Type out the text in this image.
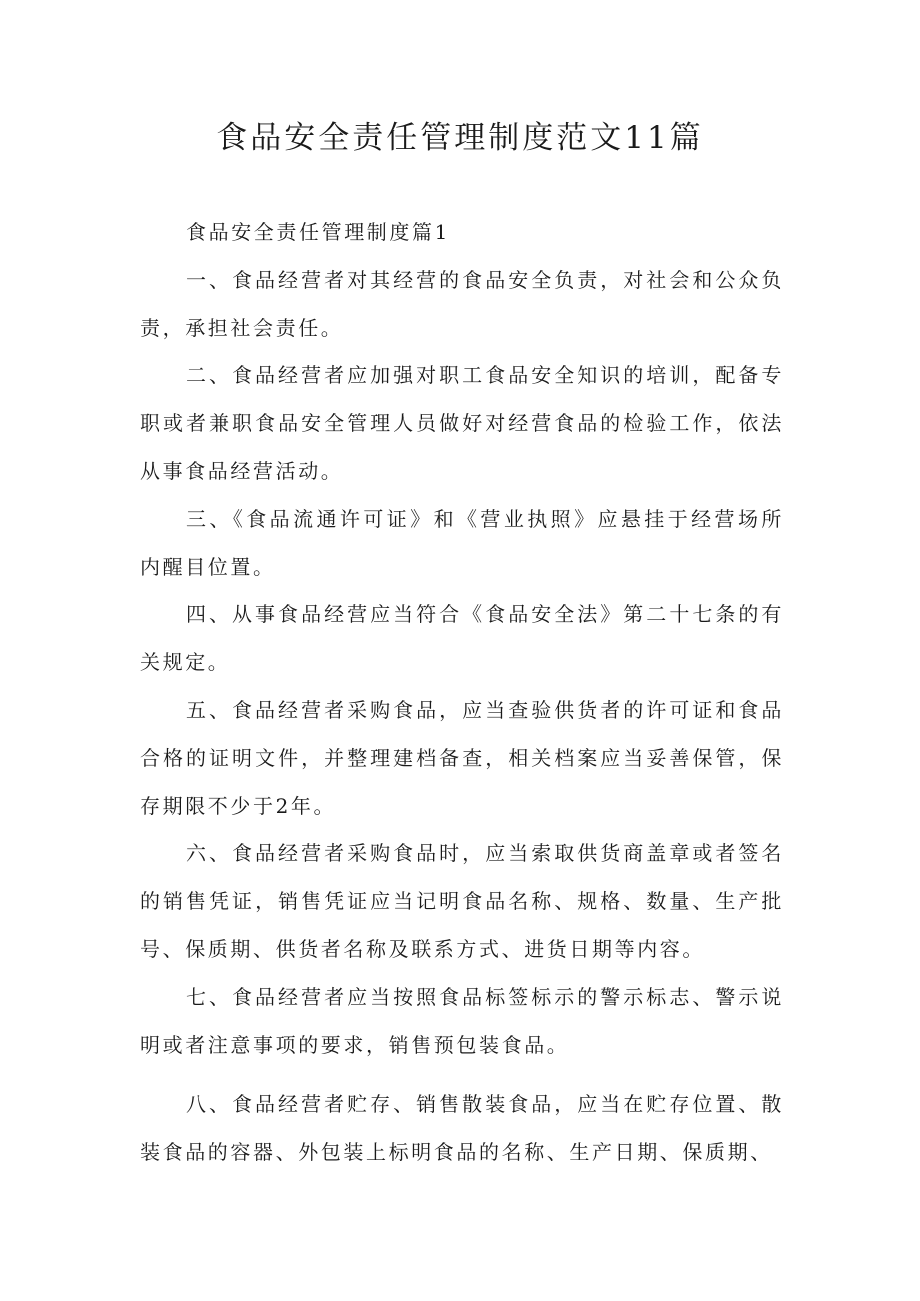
食品安全责任管理制度范文11篇

食品安全责任管理制度篇1

一、食品经营者对其经营的食品安全负责，对社会和公众负责，承担社会责任。

二、食品经营者应加强对职工食品安全知识的培训，配备专职或者兼职食品安全管理人员做好对经营食品的检验工作，依法从事食品经营活动。

三、《食品流通许可证》和《营业执照》应悬挂于经营场所内醒目位置。

四、从事食品经营应当符合《食品安全法》第二十七条的有关规定。

五、食品经营者采购食品，应当查验供货者的许可证和食品合格的证明文件，并整理建档备查，相关档案应当妥善保管，保存期限不少于2年。

六、食品经营者采购食品时，应当索取供货商盖章或者签名的销售凭证，销售凭证应当记明食品名称、规格、数量、生产批号、保质期、供货者名称及联系方式、进货日期等内容。

七、食品经营者应当按照食品标签标示的警示标志、警示说明或者注意事项的要求，销售预包装食品。

八、食品经营者贮存、销售散装食品，应当在贮存位置、散装食品的容器、外包装上标明食品的名称、生产日期、保质期、
